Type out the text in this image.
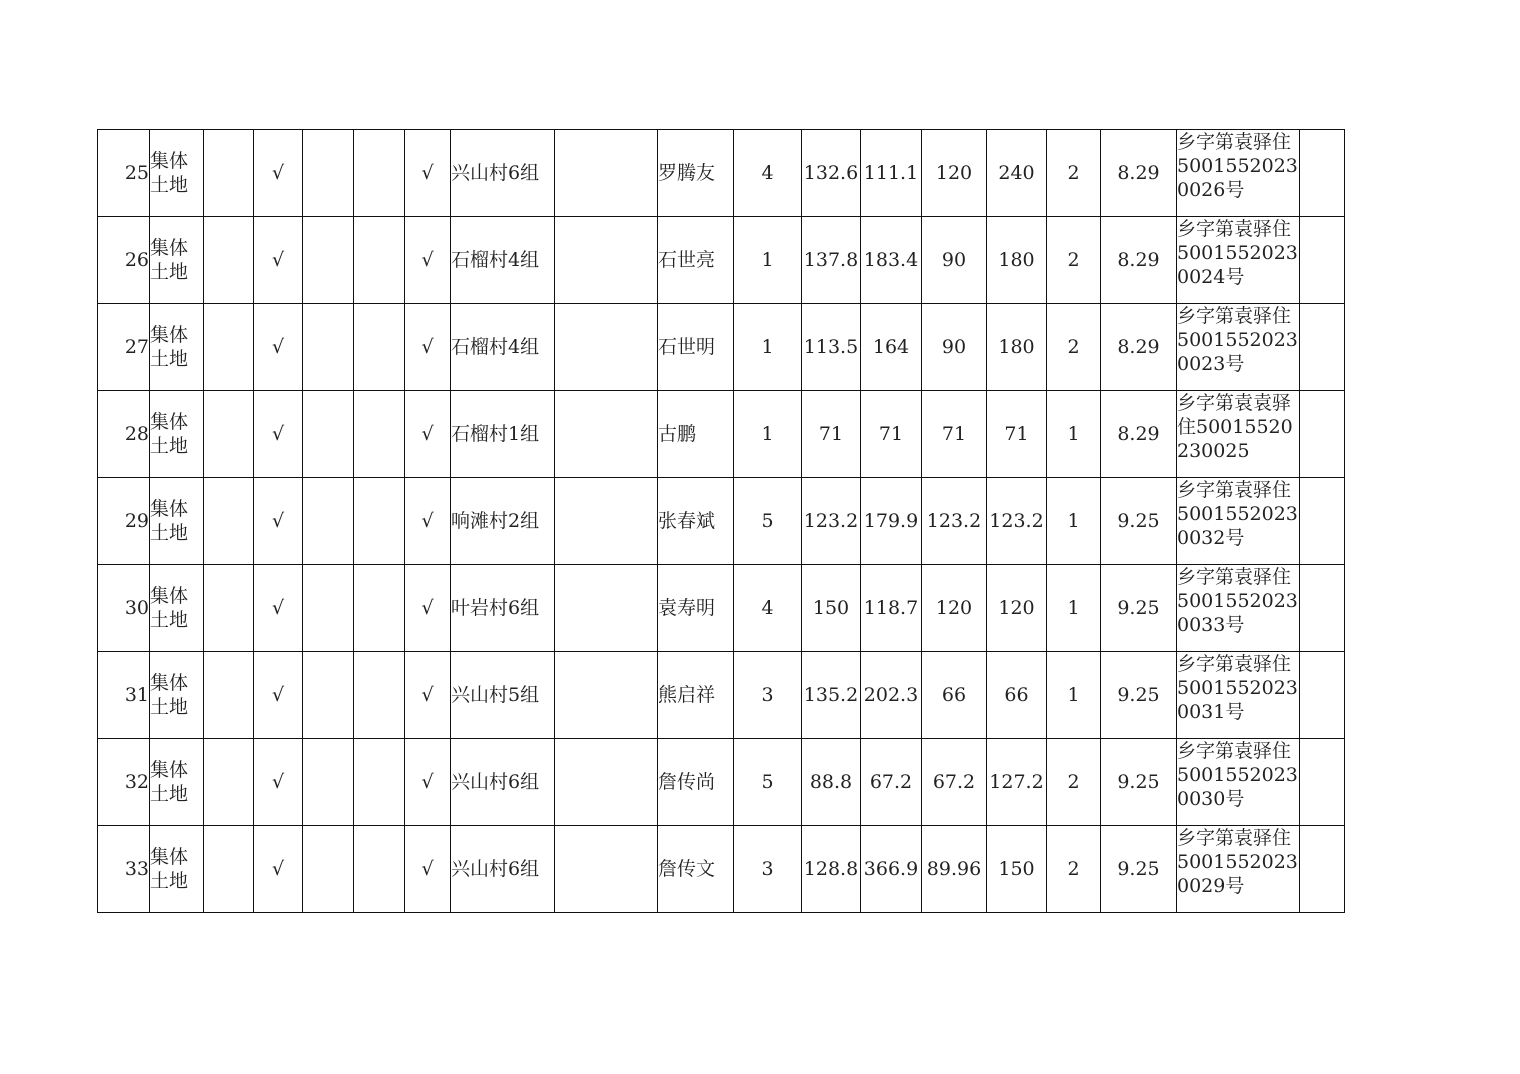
25	集体土地		√			√	兴山村6组		罗腾友	4	132.6	111.1	120	240	2	8.29	乡字第袁驿住50015520230026号	

26	集体土地		√			√	石榴村4组		石世亮	1	137.8	183.4	90	180	2	8.29	乡字第袁驿住50015520230024号	

27	集体土地		√			√	石榴村4组		石世明	1	113.5	164	90	180	2	8.29	乡字第袁驿住50015520230023号	

28	集体土地		√			√	石榴村1组		古鹏	1	71	71	71	71	1	8.29	乡字第袁袁驿住50015520230025	

29	集体土地		√			√	响滩村2组		张春斌	5	123.2	179.9	123.2	123.2	1	9.25	乡字第袁驿住50015520230032号	

30	集体土地		√			√	叶岩村6组		袁寿明	4	150	118.7	120	120	1	9.25	乡字第袁驿住50015520230033号	

31	集体土地		√			√	兴山村5组		熊启祥	3	135.2	202.3	66	66	1	9.25	乡字第袁驿住50015520230031号	

32	集体土地		√			√	兴山村6组		詹传尚	5	88.8	67.2	67.2	127.2	2	9.25	乡字第袁驿住50015520230030号	

33	集体土地		√			√	兴山村6组		詹传文	3	128.8	366.9	89.96	150	2	9.25	乡字第袁驿住50015520230029号	
